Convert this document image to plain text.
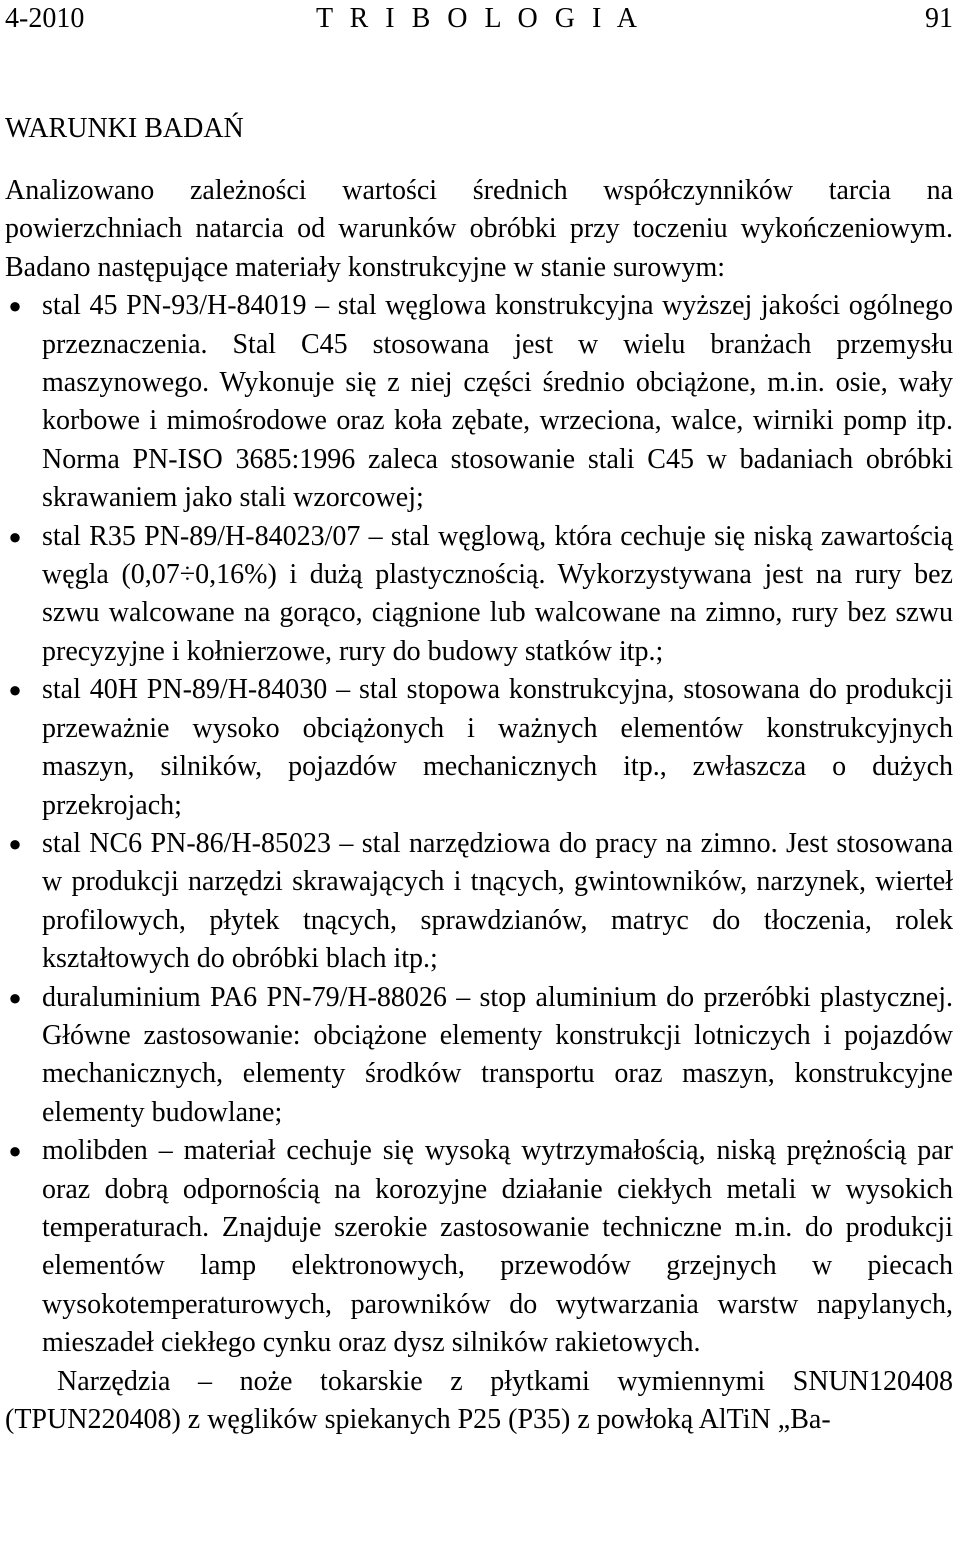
4-2010	T R I B O L O G I A	91
WARUNKI BADAŃ

Analizowano zależności wartości średnich współczynników tarcia na powierzchniach natarcia od warunków obróbki przy toczeniu wykończeniowym. Badano następujące materiały konstrukcyjne w stanie surowym:

● stal 45 PN-93/H-84019 – stal węglowa konstrukcyjna wyższej jakości ogólnego przeznaczenia. Stal C45 stosowana jest w wielu branżach przemysłu maszynowego. Wykonuje się z niej części średnio obciążone, m.in. osie, wały korbowe i mimośrodowe oraz koła zębate, wrzeciona, walce, wirniki pomp itp. Norma PN-ISO 3685:1996 zaleca stosowanie stali C45 w badaniach obróbki skrawaniem jako stali wzorcowej;
● stal R35 PN-89/H-84023/07 – stal węglową, która cechuje się niską zawartością węgla (0,07÷0,16%) i dużą plastycznością. Wykorzystywana jest na rury bez szwu walcowane na gorąco, ciągnione lub walcowane na zimno, rury bez szwu precyzyjne i kołnierzowe, rury do budowy statków itp.;
● stal 40H PN-89/H-84030 – stal stopowa konstrukcyjna, stosowana do produkcji przeważnie wysoko obciążonych i ważnych elementów konstrukcyjnych maszyn, silników, pojazdów mechanicznych itp., zwłaszcza o dużych przekrojach;
● stal NC6 PN-86/H-85023 – stal narzędziowa do pracy na zimno. Jest stosowana w produkcji narzędzi skrawających i tnących, gwintowników, narzynek, wierteł profilowych, płytek tnących, sprawdzianów, matryc do tłoczenia, rolek kształtowych do obróbki blach itp.;
● duraluminium PA6 PN-79/H-88026 – stop aluminium do przeróbki plastycznej. Główne zastosowanie: obciążone elementy konstrukcji lotniczych i pojazdów mechanicznych, elementy środków transportu oraz maszyn, konstrukcyjne elementy budowlane;
● molibden – materiał cechuje się wysoką wytrzymałością, niską prężnością par oraz dobrą odpornością na korozyjne działanie ciekłych metali w wysokich temperaturach. Znajduje szerokie zastosowanie techniczne m.in. do produkcji elementów lamp elektronowych, przewodów grzejnych w piecach wysokotemperaturowych, parowników do wytwarzania warstw napylanych, mieszadeł ciekłego cynku oraz dysz silników rakietowych.

Narzędzia – noże tokarskie z płytkami wymiennymi SNUN120408 (TPUN220408) z węglików spiekanych P25 (P35) z powłoką AlTiN „Ba-
